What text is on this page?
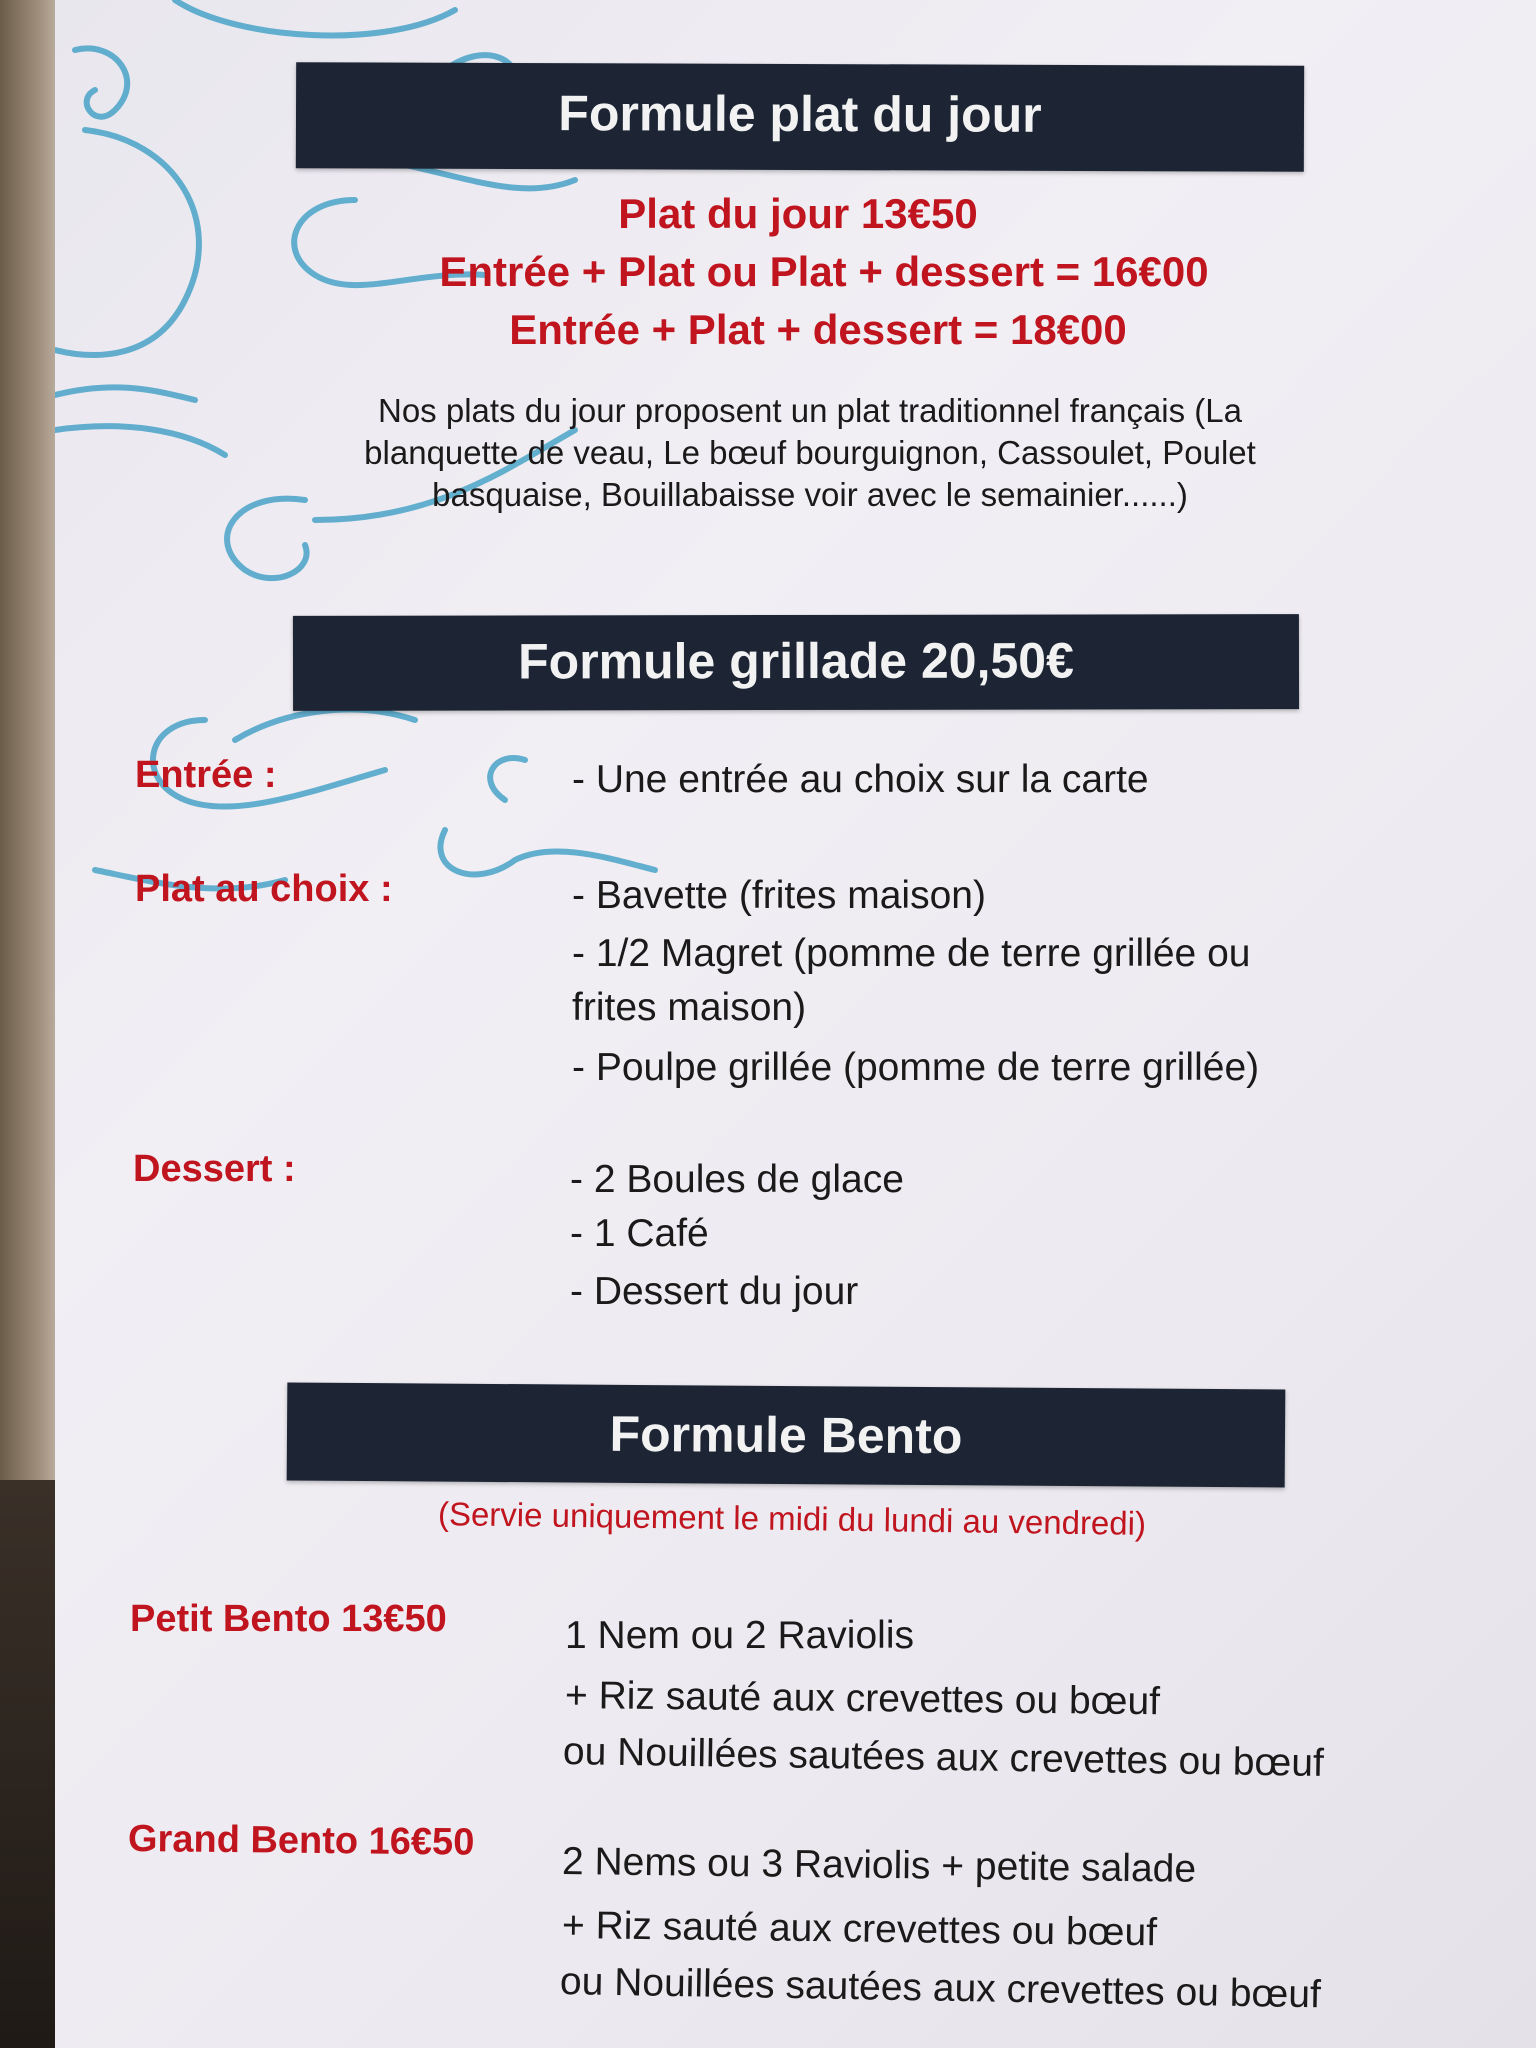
Formule plat du jour
Plat du jour 13€50
Entrée + Plat ou Plat + dessert = 16€00
Entrée + Plat + dessert = 18€00
Nos plats du jour proposent un plat traditionnel français (La
blanquette de veau, Le bœuf bourguignon, Cassoulet, Poulet
basquaise, Bouillabaisse voir avec le semainier......)
Formule grillade 20,50€
Entrée :	- Une entrée au choix sur la carte
Plat au choix :	- Bavette (frites maison)
- 1/2 Magret (pomme de terre grillée ou
frites maison)
- Poulpe grillée (pomme de terre grillée)
Dessert :	- 2 Boules de glace
- 1 Café
- Dessert du jour
Formule Bento
(Servie uniquement le midi du lundi au vendredi)
Petit Bento 13€50	1 Nem ou 2 Raviolis
+ Riz sauté aux crevettes ou bœuf
ou Nouillées sautées aux crevettes ou bœuf
Grand Bento 16€50 2 Nems ou 3 Raviolis + petite salade
+ Riz sauté aux crevettes ou bœuf
ou Nouillées sautées aux crevettes ou bœuf
